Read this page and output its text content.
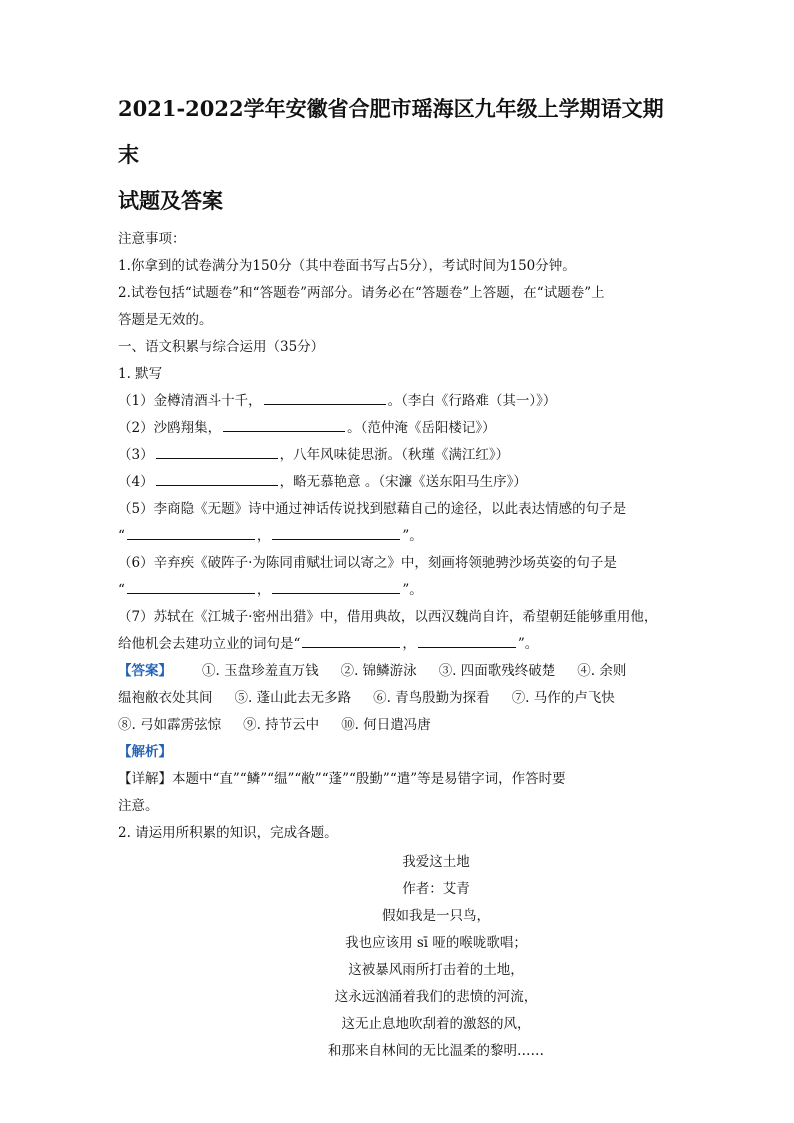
2021-2022学年安徽省合肥市瑶海区九年级上学期语文期末
试题及答案
注意事项：
1.你拿到的试卷满分为150分（其中卷面书写占5分），考试时间为150分钟。
2.试卷包括“试题卷”和“答题卷”两部分。请务必在“答题卷”上答题，在“试题卷”上
答题是无效的。
一、语文积累与综合运用（35分）
1. 默写
（1）金樽清酒斗十千，	。（李白《行路难（其一）》）
（2）沙鸥翔集，	。（范仲淹《岳阳楼记》）
（3）	，八年风味徒思浙。（秋瑾《满江红》）
（4）	，略无慕艳意 。（宋濂《送东阳马生序》）
（5）李商隐《无题》诗中通过神话传说找到慰藉自己的途径，以此表达情感的句子是
“	，	”。
（6）辛弃疾《破阵子·为陈同甫赋壮词以寄之》中，刻画将领驰骋沙场英姿的句子是
“	，	”。
（7）苏轼在《江城子·密州出猎》中，借用典故，以西汉魏尚自许，希望朝廷能够重用他，
给他机会去建功立业的词句是“	，	”。
【答案】 ①. 玉盘珍羞直万钱 ②. 锦鳞游泳 ③. 四面歌残终破楚 ④. 余则
缊袍敝衣处其间 ⑤. 蓬山此去无多路 ⑥. 青鸟殷勤为探看 ⑦. 马作的卢飞快
⑧. 弓如霹雳弦惊 ⑨. 持节云中 ⑩. 何日遣冯唐
【解析】
【详解】本题中“直”“鳞”“缊”“敝”“蓬”“殷勤”“遣”等是易错字词，作答时要
注意。
2. 请运用所积累的知识，完成各题。
我爱这土地
作者：艾青
假如我是一只鸟，
我也应该用 sī 哑的喉咙歌唱；
这被暴风雨所打击着的土地，
这永远汹涌着我们的悲愤的河流，
这无止息地吹刮着的激怒的风，
和那来自林间的无比温柔的黎明……
